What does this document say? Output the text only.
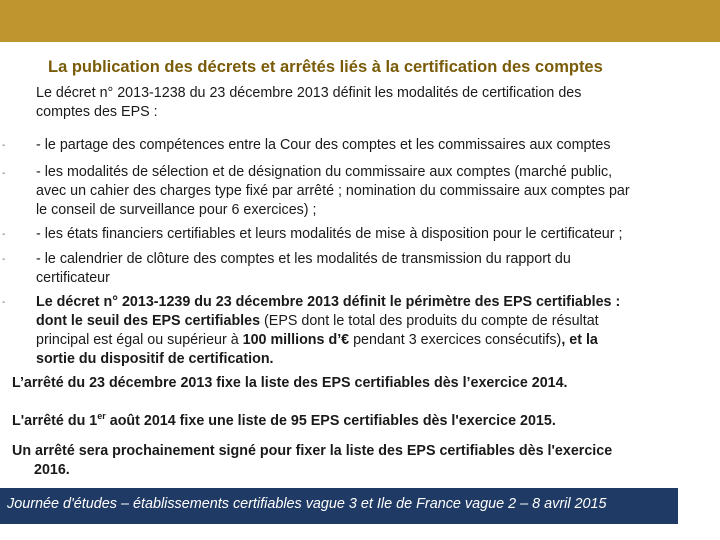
La publication des décrets et arrêtés liés à la certification des comptes
Le décret n° 2013-1238 du 23 décembre 2013 définit les modalités de certification des
comptes des EPS :
- - le partage des compétences entre la Cour des comptes et les commissaires aux comptes
- - les modalités de sélection et de désignation du commissaire aux comptes (marché public,
avec un cahier des charges type fixé par arrêté ; nomination du commissaire aux comptes par
le conseil de surveillance pour 6 exercices) ;
- - les états financiers certifiables et leurs modalités de mise à disposition pour le certificateur ;
- - le calendrier de clôture des comptes et les modalités de transmission du rapport du
certificateur
- Le décret n° 2013-1239 du 23 décembre 2013 définit le périmètre des EPS certifiables :
dont le seuil des EPS certifiables (EPS dont le total des produits du compte de résultat
principal est égal ou supérieur à 100 millions d’€ pendant 3 exercices consécutifs), et la
sortie du dispositif de certification.
L’arrêté du 23 décembre 2013 fixe la liste des EPS certifiables dès l’exercice 2014.
L'arrêté du 1er août 2014 fixe une liste de 95 EPS certifiables dès l'exercice 2015.
Un arrêté sera prochainement signé pour fixer la liste des EPS certifiables dès l'exercice
2016.
Journée d'études – établissements certifiables vague 3 et Ile de France vague 2 – 8 avril 2015
